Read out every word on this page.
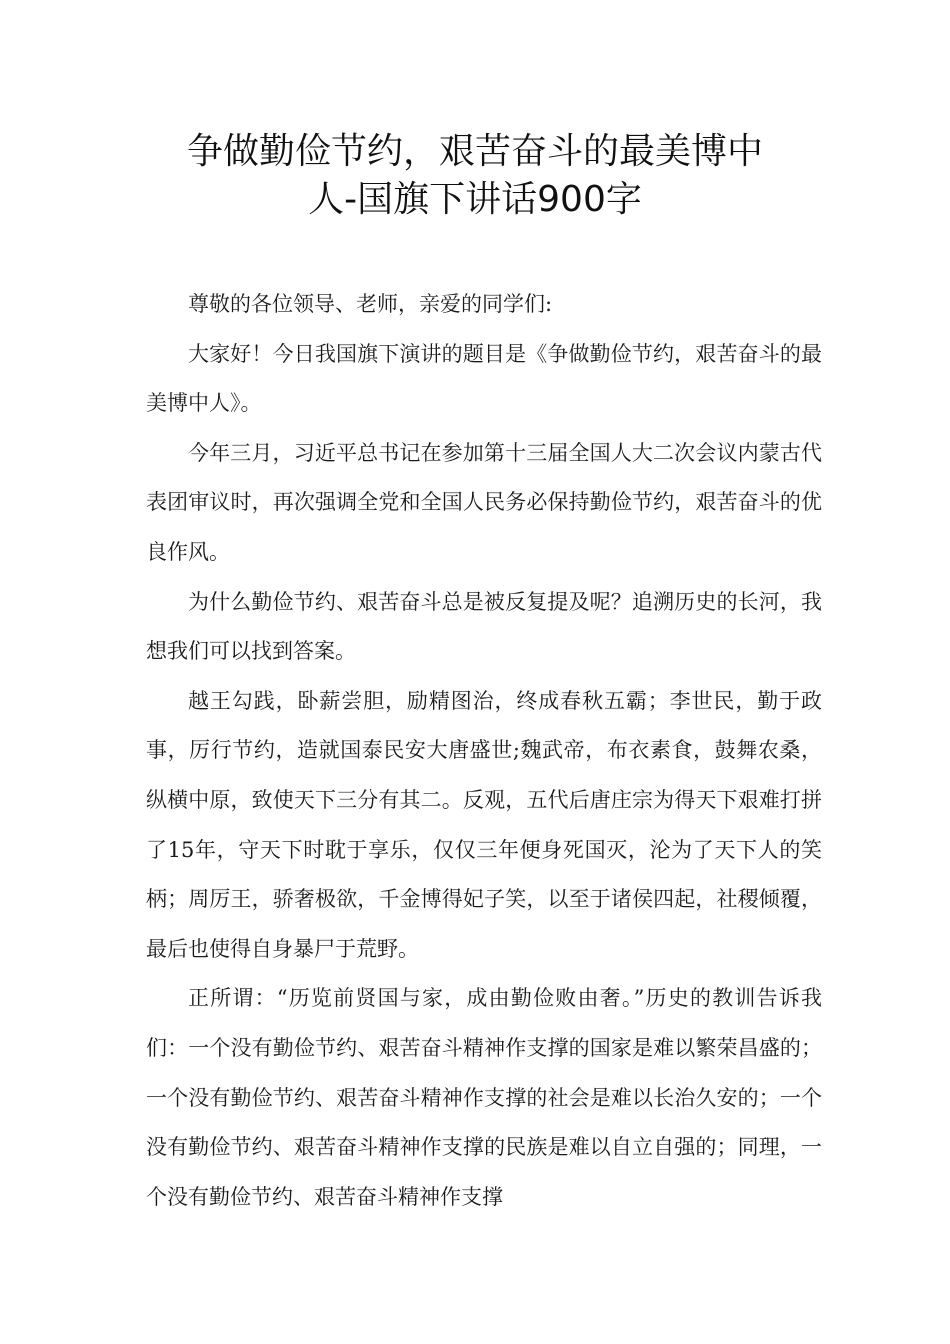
争做勤俭节约，艰苦奋斗的最美博中
人-国旗下讲话900字

尊敬的各位领导、老师，亲爱的同学们:

大家好！今日我国旗下演讲的题目是《争做勤俭节约，艰苦奋斗的最美博中人》。

今年三月，习近平总书记在参加第十三届全国人大二次会议内蒙古代表团审议时，再次强调全党和全国人民务必保持勤俭节约，艰苦奋斗的优良作风。

为什么勤俭节约、艰苦奋斗总是被反复提及呢？追溯历史的长河，我想我们可以找到答案。

越王勾践，卧薪尝胆，励精图治，终成春秋五霸；李世民，勤于政事，厉行节约，造就国泰民安大唐盛世;魏武帝，布衣素食，鼓舞农桑，纵横中原，致使天下三分有其二。反观，五代后唐庄宗为得天下艰难打拼了15年，守天下时耽于享乐，仅仅三年便身死国灭，沦为了天下人的笑柄；周厉王，骄奢极欲，千金博得妃子笑，以至于诸侯四起，社稷倾覆，最后也使得自身暴尸于荒野。

正所谓：“历览前贤国与家，成由勤俭败由奢。”历史的教训告诉我们：一个没有勤俭节约、艰苦奋斗精神作支撑的国家是难以繁荣昌盛的；一个没有勤俭节约、艰苦奋斗精神作支撑的社会是难以长治久安的；一个没有勤俭节约、艰苦奋斗精神作支撑的民族是难以自立自强的；同理，一个没有勤俭节约、艰苦奋斗精神作支撑
